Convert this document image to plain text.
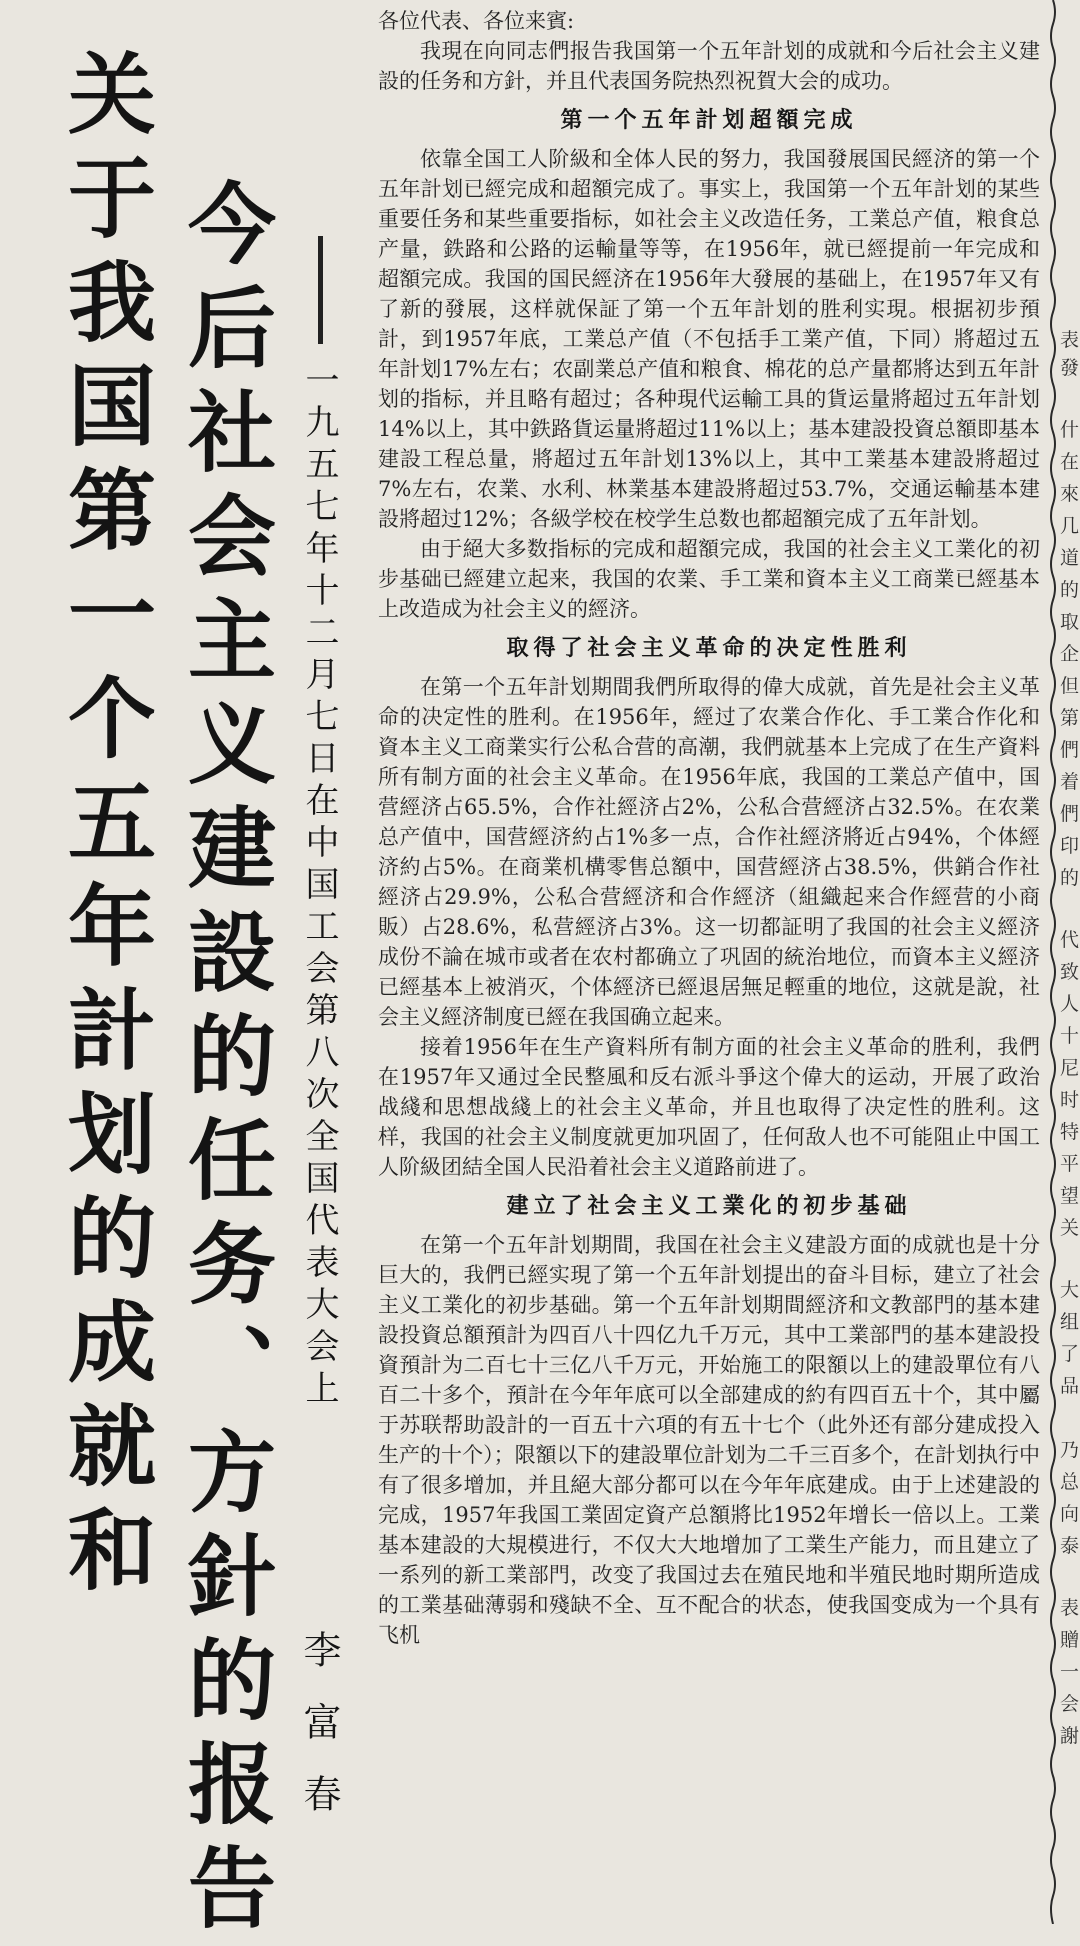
关于我国第一个五年計划的成就和 今后社会主义建設的任务、方針的报告 一九五七年十二月七日在中国工会第八次全国代表大会上
李富春

各位代表、各位来賓:

我現在向同志們报告我国第一个五年計划的成就和今后社会主义建設的任务和方針，并且代表国务院热烈祝賀大会的成功。

第一个五年計划超額完成

依靠全国工人阶級和全体人民的努力，我国發展国民經济的第一个五年計划已經完成和超額完成了。事实上，我国第一个五年計划的某些重要任务和某些重要指标，如社会主义改造任务，工業总产值，粮食总产量，鉄路和公路的运輸量等等，在1956年，就已經提前一年完成和超額完成。我国的国民經济在1956年大發展的基础上，在1957年又有了新的發展，这样就保証了第一个五年計划的胜利实現。根据初步預計，到1957年底，工業总产值（不包括手工業产值，下同）將超过五年計划17%左右；农副業总产值和粮食、棉花的总产量都將达到五年計划的指标，并且略有超过；各种現代运輸工具的貨运量將超过五年計划14%以上，其中鉄路貨运量將超过11%以上；基本建設投資总額即基本建設工程总量，將超过五年計划13%以上，其中工業基本建設將超过7%左右，农業、水利、林業基本建設將超过53.7%，交通运輸基本建設將超过12%；各級学校在校学生总数也都超額完成了五年計划。

由于絕大多数指标的完成和超額完成，我国的社会主义工業化的初步基础已經建立起来，我国的农業、手工業和資本主义工商業已經基本上改造成为社会主义的經济。

取得了社会主义革命的决定性胜利

在第一个五年計划期間我們所取得的偉大成就，首先是社会主义革命的决定性的胜利。在1956年，經过了农業合作化、手工業合作化和資本主义工商業实行公私合营的高潮，我們就基本上完成了在生产資料所有制方面的社会主义革命。在1956年底，我国的工業总产值中，国营經济占65.5%，合作社經济占2%，公私合营經济占32.5%。在农業总产值中，国营經济約占1%多一点，合作社經济將近占94%，个体經济約占5%。在商業机構零售总額中，国营經济占38.5%，供銷合作社經济占29.9%，公私合营經济和合作經济（組織起来合作經营的小商販）占28.6%，私营經济占3%。这一切都証明了我国的社会主义經济成份不論在城市或者在农村都确立了巩固的統治地位，而資本主义經济已經基本上被消灭，个体經济已經退居無足輕重的地位，这就是說，社会主义經济制度已經在我国确立起来。

接着1956年在生产資料所有制方面的社会主义革命的胜利，我們在1957年又通过全民整風和反右派斗爭这个偉大的运动，开展了政治战綫和思想战綫上的社会主义革命，并且也取得了决定性的胜利。这样，我国的社会主义制度就更加巩固了，任何敌人也不可能阻止中国工人阶級团結全国人民沿着社会主义道路前进了。

建立了社会主义工業化的初步基础

在第一个五年計划期間，我国在社会主义建設方面的成就也是十分巨大的，我們已經实現了第一个五年計划提出的奋斗目标，建立了社会主义工業化的初步基础。第一个五年計划期間經济和文教部門的基本建設投資总額預計为四百八十四亿九千万元，其中工業部門的基本建設投資預計为二百七十三亿八千万元，开始施工的限額以上的建設單位有八百二十多个，預計在今年年底可以全部建成的約有四百五十个，其中屬于苏联帮助設計的一百五十六項的有五十七个（此外还有部分建成投入生产的十个）；限額以下的建設單位計划为二千三百多个，在計划执行中有了很多增加，并且絕大部分都可以在今年年底建成。由于上述建設的完成，1957年我国工業固定資产总額將比1952年增长一倍以上。工業基本建設的大規模进行，不仅大大地增加了工業生产能力，而且建立了一系列的新工業部門，改变了我国过去在殖民地和半殖民地时期所造成的工業基础薄弱和殘缺不全、互不配合的状态，使我国变成为一个具有飞机

表
發
什
在
來
几
道
的
取
企
但
第
們
着
們
印
的
代
致
人
十
尼
时
特
平
望
关
大
组
了
品
乃
总
向
泰
表
贈
一
会
謝
